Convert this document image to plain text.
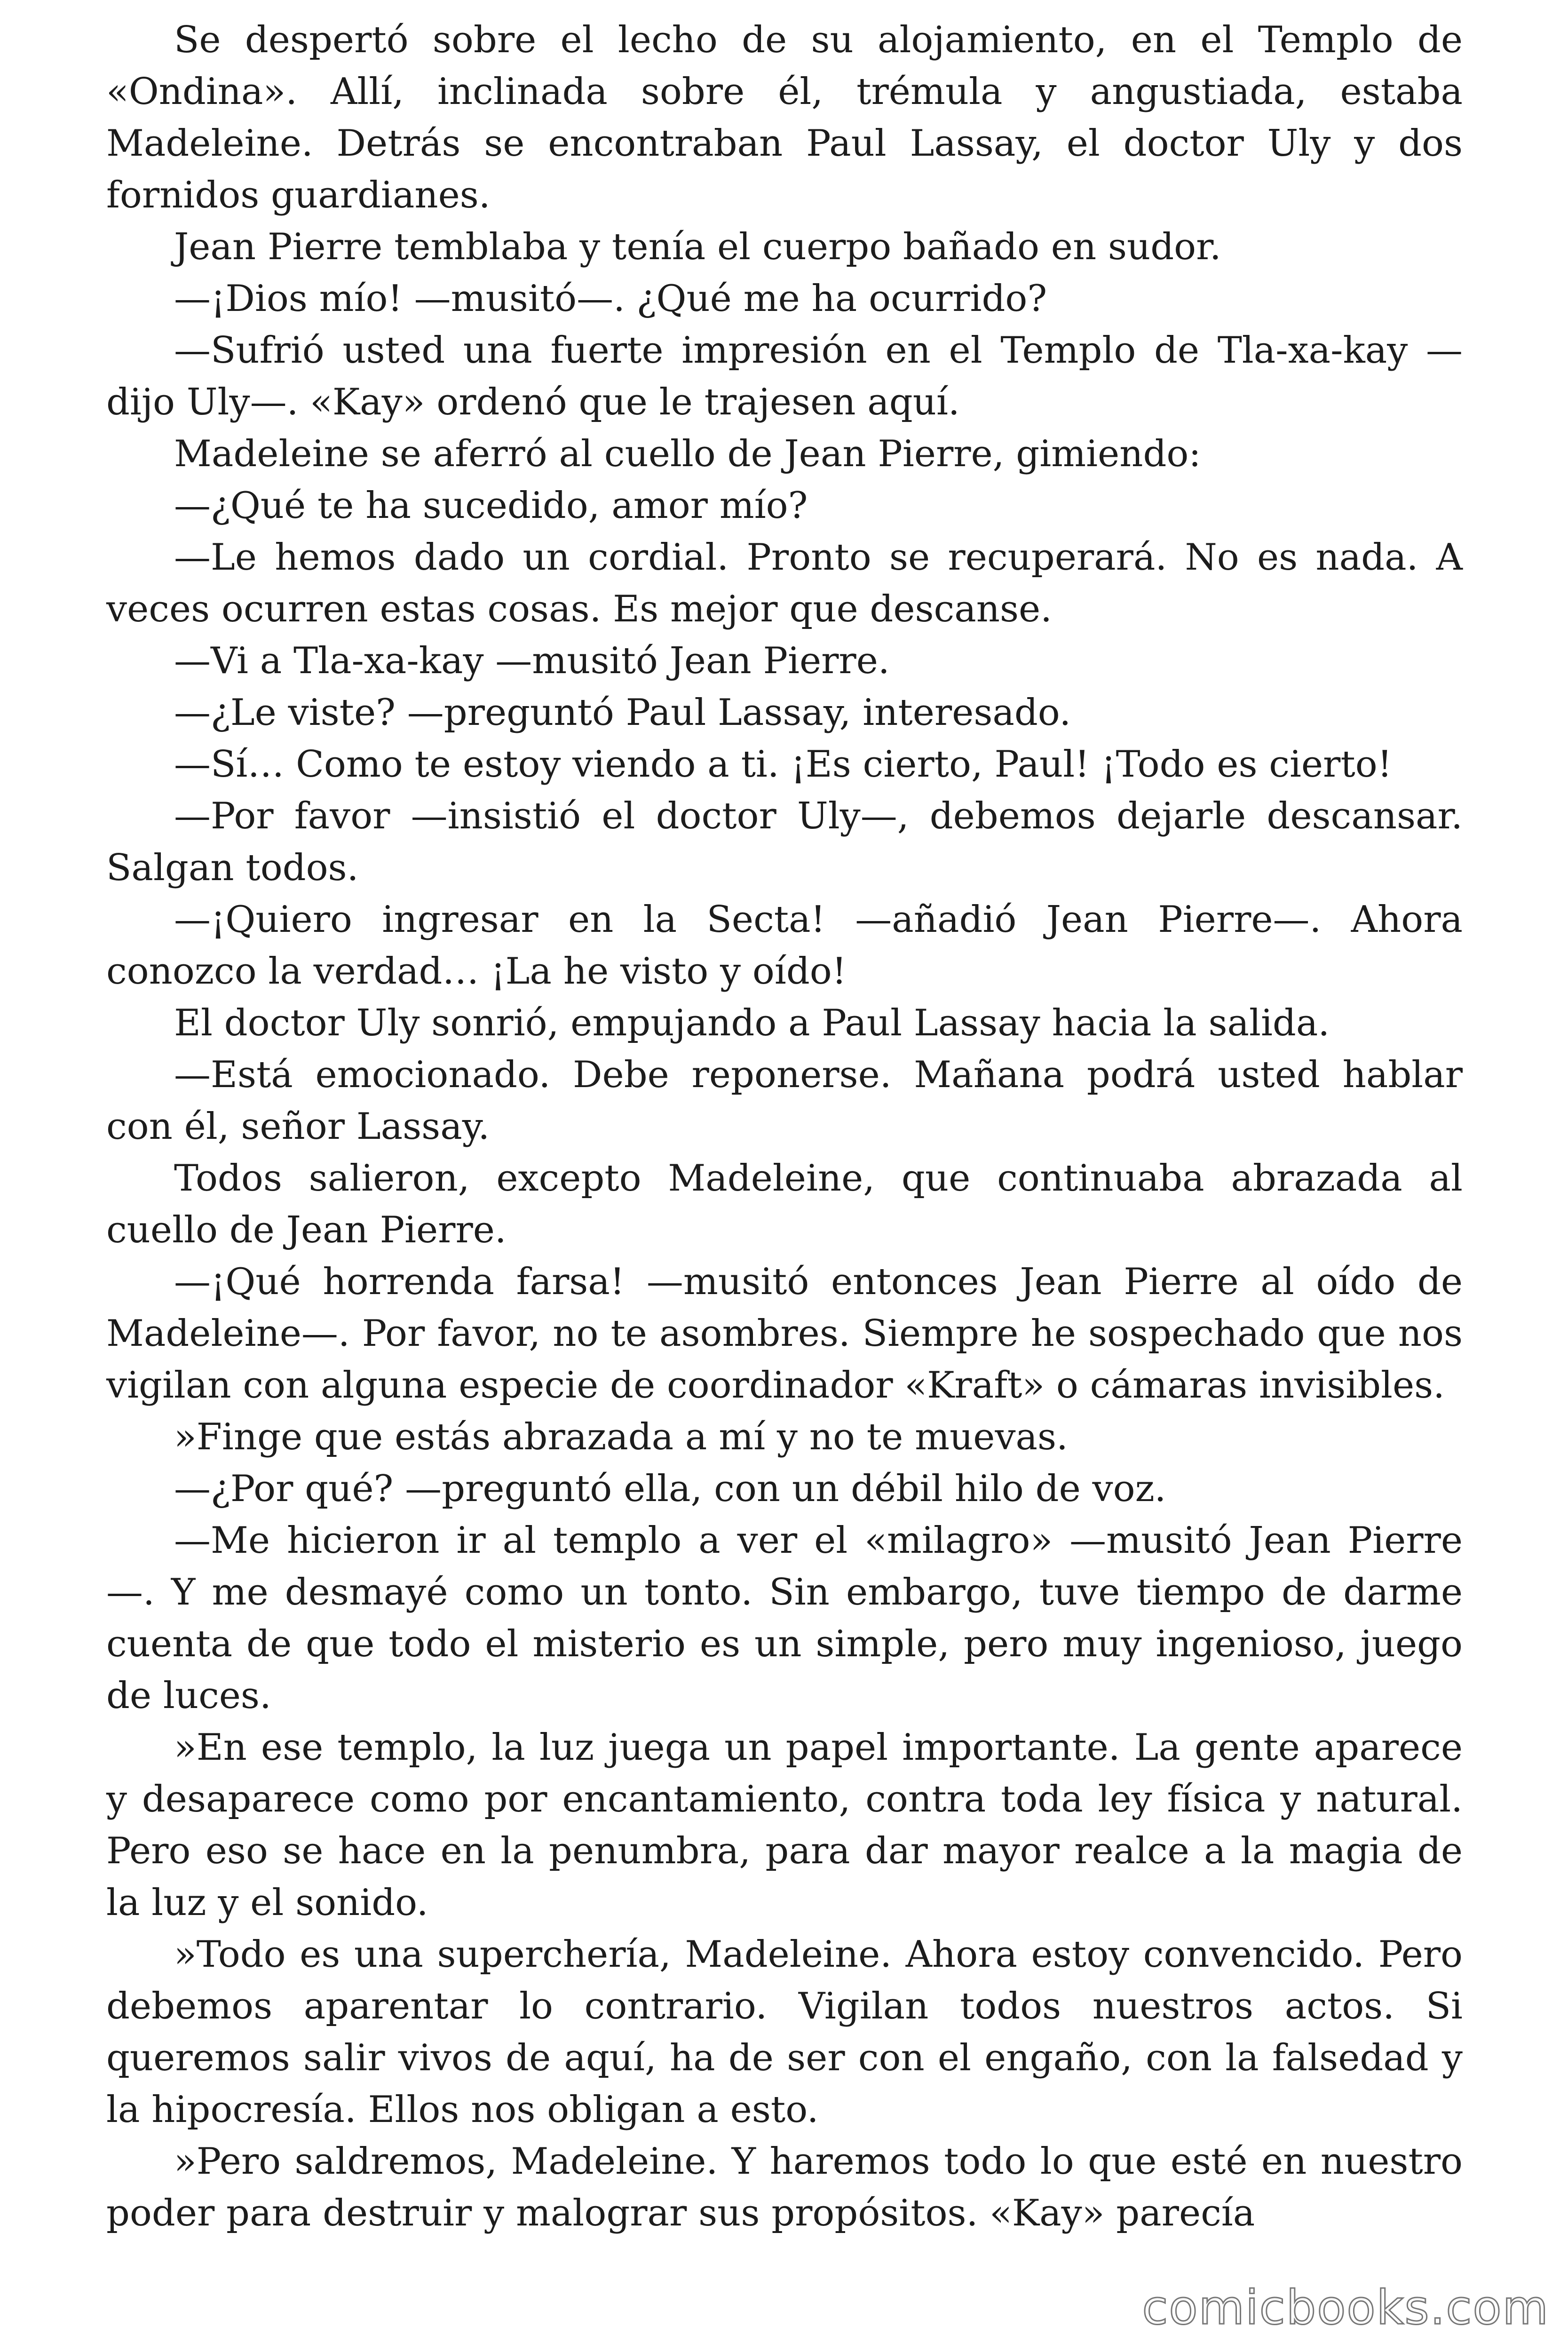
Se despertó sobre el lecho de su alojamiento, en el Templo de «Ondina». Allí, inclinada sobre él, trémula y angustiada, estaba Madeleine. Detrás se encontraban Paul Lassay, el doctor Uly y dos fornidos guardianes.

Jean Pierre temblaba y tenía el cuerpo bañado en sudor.

—¡Dios mío! —musitó—. ¿Qué me ha ocurrido?

—Sufrió usted una fuerte impresión en el Templo de Tla-xa-kay —dijo Uly—. «Kay» ordenó que le trajesen aquí.

Madeleine se aferró al cuello de Jean Pierre, gimiendo:

—¿Qué te ha sucedido, amor mío?

—Le hemos dado un cordial. Pronto se recuperará. No es nada. A veces ocurren estas cosas. Es mejor que descanse.

—Vi a Tla-xa-kay —musitó Jean Pierre.

—¿Le viste? —preguntó Paul Lassay, interesado.

—Sí… Como te estoy viendo a ti. ¡Es cierto, Paul! ¡Todo es cierto!

—Por favor —insistió el doctor Uly—, debemos dejarle descansar. Salgan todos.

—¡Quiero ingresar en la Secta! —añadió Jean Pierre—. Ahora conozco la verdad… ¡La he visto y oído!

El doctor Uly sonrió, empujando a Paul Lassay hacia la salida.

—Está emocionado. Debe reponerse. Mañana podrá usted hablar con él, señor Lassay.

Todos salieron, excepto Madeleine, que continuaba abrazada al cuello de Jean Pierre.

—¡Qué horrenda farsa! —musitó entonces Jean Pierre al oído de Madeleine—. Por favor, no te asombres. Siempre he sospechado que nos vigilan con alguna especie de coordinador «Kraft» o cámaras invisibles.

»Finge que estás abrazada a mí y no te muevas.

—¿Por qué? —preguntó ella, con un débil hilo de voz.

—Me hicieron ir al templo a ver el «milagro» —musitó Jean Pierre —. Y me desmayé como un tonto. Sin embargo, tuve tiempo de darme cuenta de que todo el misterio es un simple, pero muy ingenioso, juego de luces.

»En ese templo, la luz juega un papel importante. La gente aparece y desaparece como por encantamiento, contra toda ley física y natural. Pero eso se hace en la penumbra, para dar mayor realce a la magia de la luz y el sonido.

»Todo es una superchería, Madeleine. Ahora estoy convencido. Pero debemos aparentar lo contrario. Vigilan todos nuestros actos. Si queremos salir vivos de aquí, ha de ser con el engaño, con la falsedad y la hipocresía. Ellos nos obligan a esto.

»Pero saldremos, Madeleine. Y haremos todo lo que esté en nuestro poder para destruir y malograr sus propósitos. «Kay» parecía

comicbooks.com
